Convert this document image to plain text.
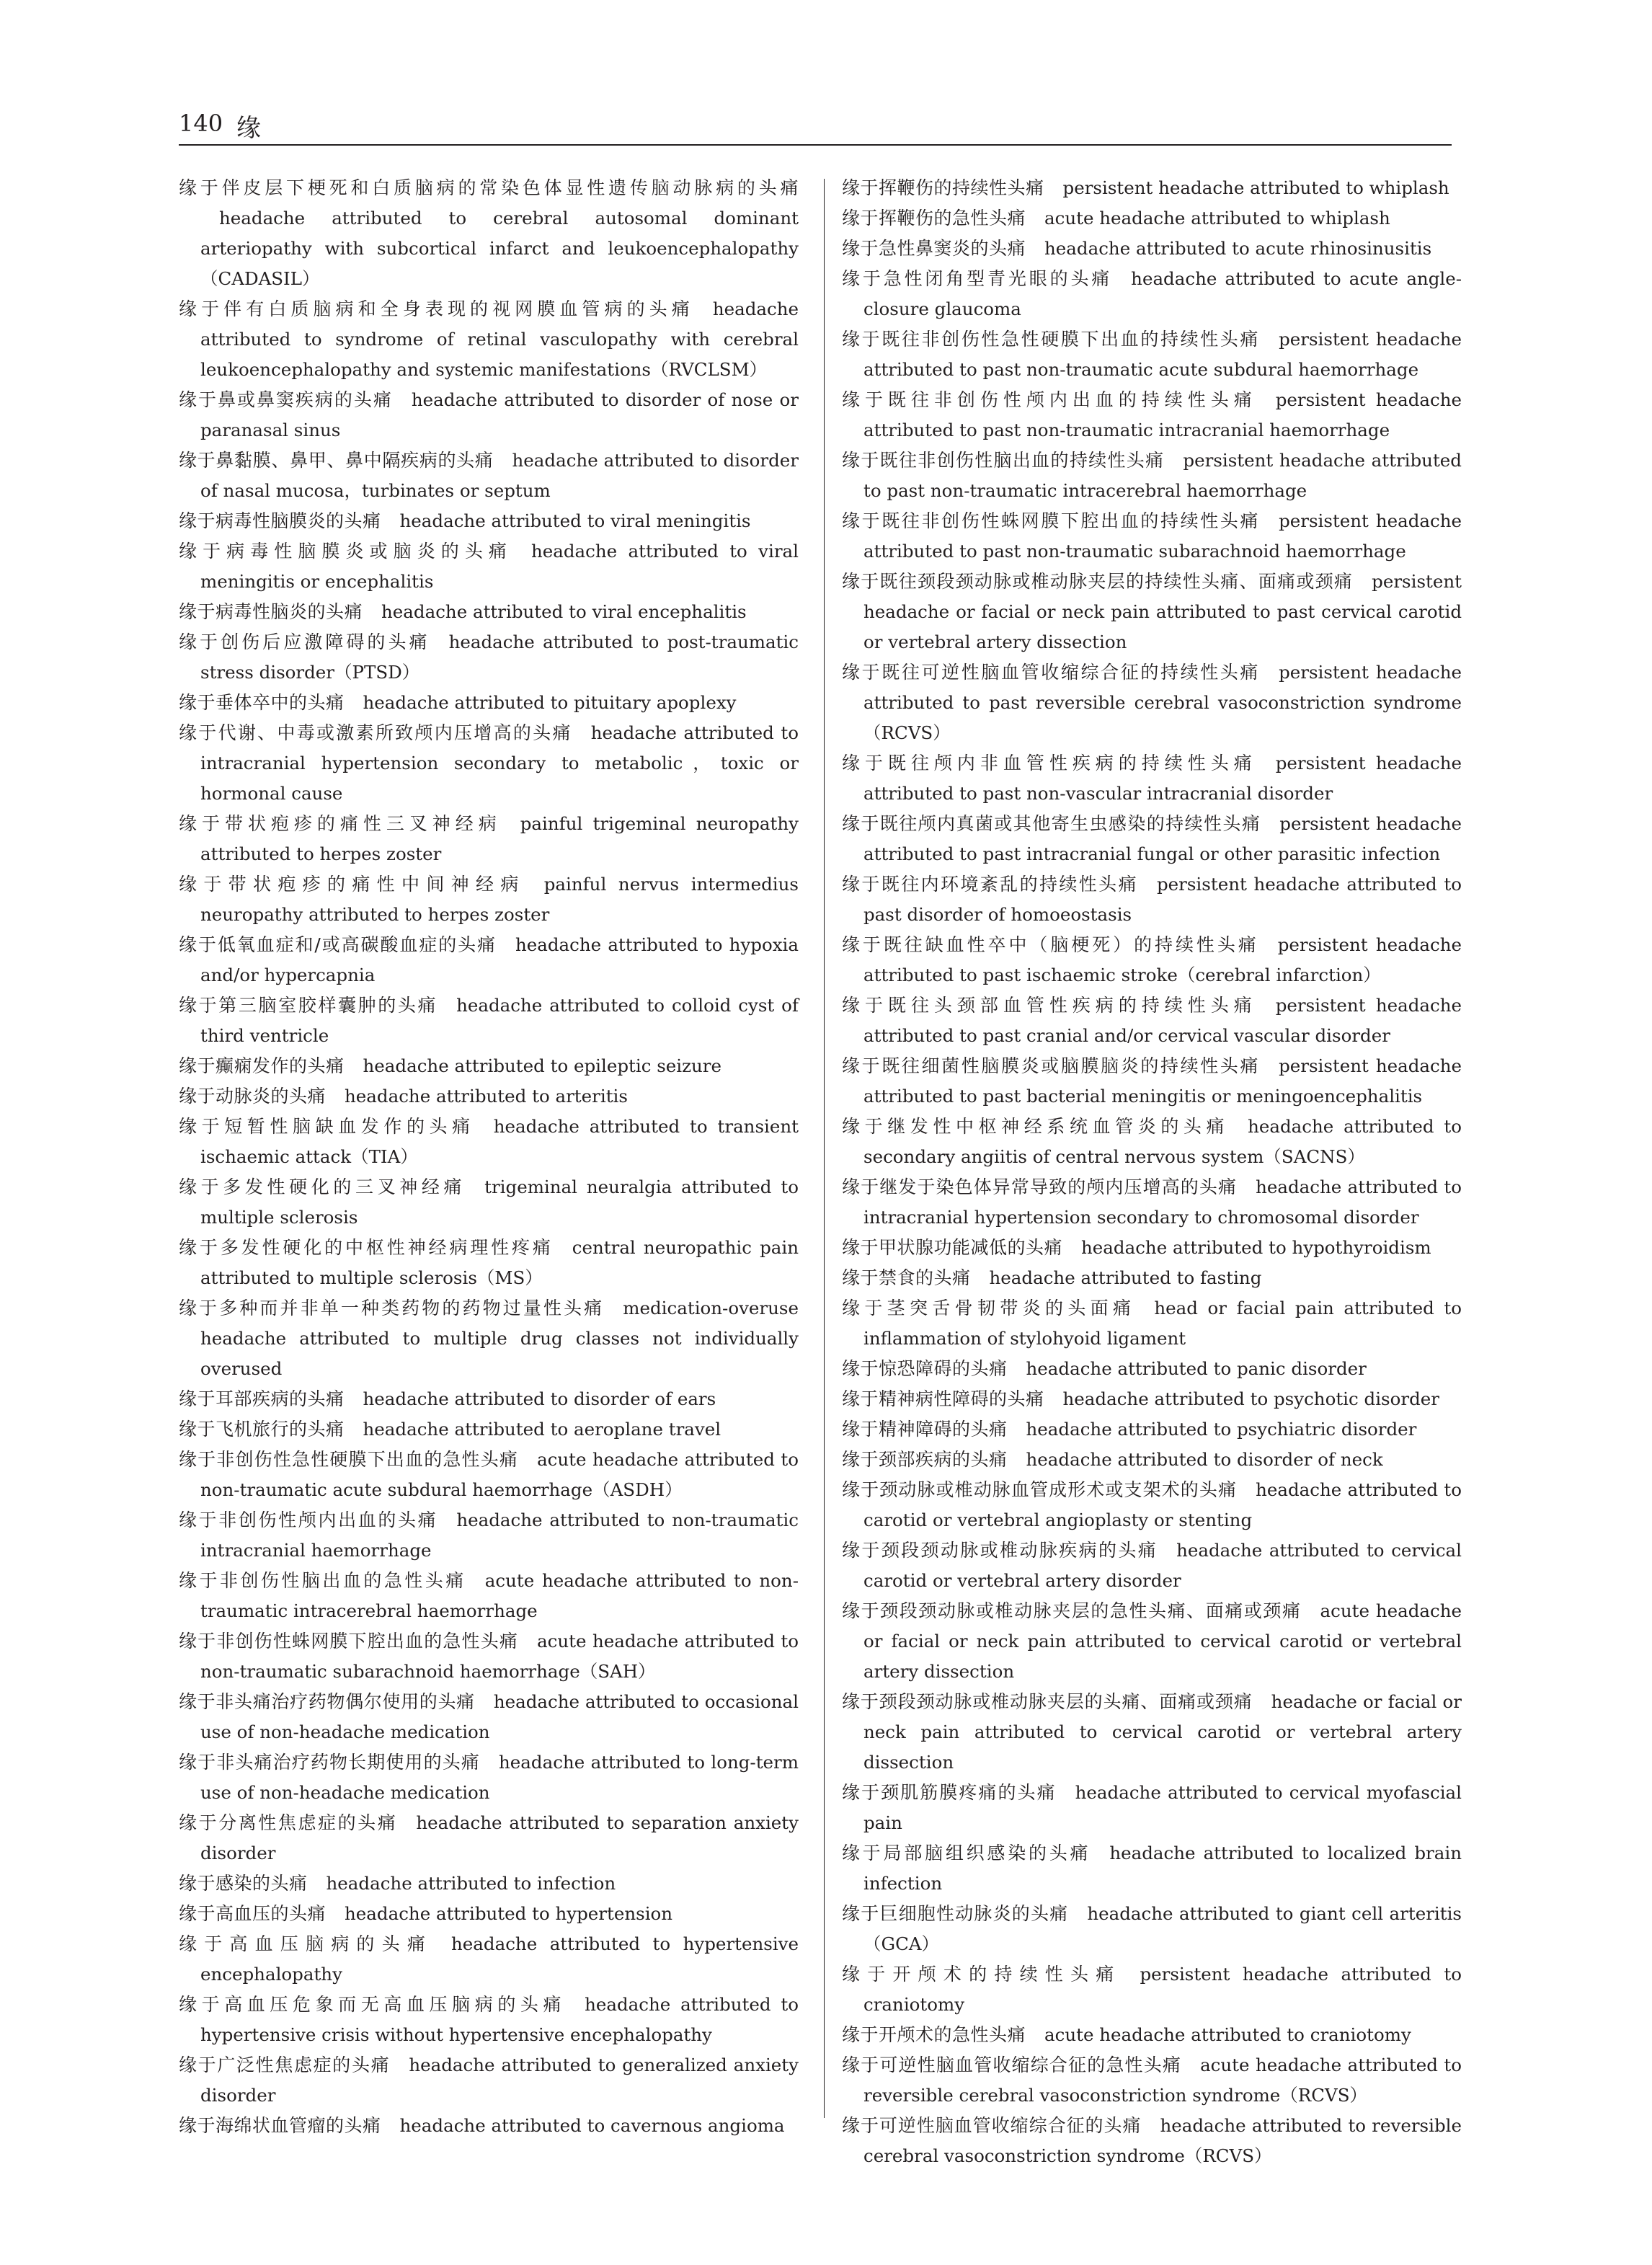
140 缘

缘于伴皮层下梗死和白质脑病的常染色体显性遗传脑动脉病的头痛headache attributed to cerebral autosomal dominant arteriopathy with subcortical infarct and leukoencephalopathy（CADASIL）

缘于伴有白质脑病和全身表现的视网膜血管病的头痛 headache attributed to syndrome of retinal vasculopathy with cerebral leukoencephalopathy and systemic manifestations（RVCLSM）

缘于鼻或鼻窦疾病的头痛 headache attributed to disorder of nose or paranasal sinus

缘于鼻黏膜、鼻甲、鼻中隔疾病的头痛 headache attributed to disorder of nasal mucosa，turbinates or septum

缘于病毒性脑膜炎的头痛 headache attributed to viral meningitis

缘于病毒性脑膜炎或脑炎的头痛 headache attributed to viral meningitis or encephalitis

缘于病毒性脑炎的头痛 headache attributed to viral encephalitis

缘于创伤后应激障碍的头痛 headache attributed to post-traumatic stress disorder（PTSD）

缘于垂体卒中的头痛 headache attributed to pituitary apoplexy

缘于代谢、中毒或激素所致颅内压增高的头痛 headache attributed to intracranial hypertension secondary to metabolic，toxic or hormonal cause

缘于带状疱疹的痛性三叉神经病 painful trigeminal neuropathy attributed to herpes zoster

缘于带状疱疹的痛性中间神经病 painful nervus intermedius neuropathy attributed to herpes zoster

缘于低氧血症和/或高碳酸血症的头痛 headache attributed to hypoxia and/or hypercapnia

缘于第三脑室胶样囊肿的头痛 headache attributed to colloid cyst of third ventricle

缘于癫痫发作的头痛 headache attributed to epileptic seizure

缘于动脉炎的头痛 headache attributed to arteritis

缘于短暂性脑缺血发作的头痛 headache attributed to transient ischaemic attack（TIA）

缘于多发性硬化的三叉神经痛 trigeminal neuralgia attributed to multiple sclerosis

缘于多发性硬化的中枢性神经病理性疼痛 central neuropathic pain attributed to multiple sclerosis（MS）

缘于多种而并非单一种类药物的药物过量性头痛 medication-overuse headache attributed to multiple drug classes not individually overused

缘于耳部疾病的头痛 headache attributed to disorder of ears

缘于飞机旅行的头痛 headache attributed to aeroplane travel

缘于非创伤性急性硬膜下出血的急性头痛 acute headache attributed to non-traumatic acute subdural haemorrhage（ASDH）

缘于非创伤性颅内出血的头痛 headache attributed to non-traumatic intracranial haemorrhage

缘于非创伤性脑出血的急性头痛 acute headache attributed to non-traumatic intracerebral haemorrhage

缘于非创伤性蛛网膜下腔出血的急性头痛 acute headache attributed to non-traumatic subarachnoid haemorrhage（SAH）

缘于非头痛治疗药物偶尔使用的头痛 headache attributed to occasional use of non-headache medication

缘于非头痛治疗药物长期使用的头痛 headache attributed to long-term use of non-headache medication

缘于分离性焦虑症的头痛 headache attributed to separation anxiety disorder

缘于感染的头痛 headache attributed to infection

缘于高血压的头痛 headache attributed to hypertension

缘于高血压脑病的头痛 headache attributed to hypertensive encephalopathy

缘于高血压危象而无高血压脑病的头痛 headache attributed to hypertensive crisis without hypertensive encephalopathy

缘于广泛性焦虑症的头痛 headache attributed to generalized anxiety disorder

缘于海绵状血管瘤的头痛 headache attributed to cavernous angioma

缘于挥鞭伤的持续性头痛 persistent headache attributed to whiplash

缘于挥鞭伤的急性头痛 acute headache attributed to whiplash

缘于急性鼻窦炎的头痛 headache attributed to acute rhinosinusitis

缘于急性闭角型青光眼的头痛 headache attributed to acute angle-closure glaucoma

缘于既往非创伤性急性硬膜下出血的持续性头痛 persistent headache attributed to past non-traumatic acute subdural haemorrhage

缘于既往非创伤性颅内出血的持续性头痛 persistent headache attributed to past non-traumatic intracranial haemorrhage

缘于既往非创伤性脑出血的持续性头痛 persistent headache attributed to past non-traumatic intracerebral haemorrhage

缘于既往非创伤性蛛网膜下腔出血的持续性头痛 persistent headache attributed to past non-traumatic subarachnoid haemorrhage

缘于既往颈段颈动脉或椎动脉夹层的持续性头痛、面痛或颈痛 persistent headache or facial or neck pain attributed to past cervical carotid or vertebral artery dissection

缘于既往可逆性脑血管收缩综合征的持续性头痛 persistent headache attributed to past reversible cerebral vasoconstriction syndrome（RCVS）

缘于既往颅内非血管性疾病的持续性头痛 persistent headache attributed to past non-vascular intracranial disorder

缘于既往颅内真菌或其他寄生虫感染的持续性头痛 persistent headache attributed to past intracranial fungal or other parasitic infection

缘于既往内环境紊乱的持续性头痛 persistent headache attributed to past disorder of homoeostasis

缘于既往缺血性卒中（脑梗死）的持续性头痛 persistent headache attributed to past ischaemic stroke（cerebral infarction）

缘于既往头颈部血管性疾病的持续性头痛 persistent headache attributed to past cranial and/or cervical vascular disorder

缘于既往细菌性脑膜炎或脑膜脑炎的持续性头痛 persistent headache attributed to past bacterial meningitis or meningoencephalitis

缘于继发性中枢神经系统血管炎的头痛 headache attributed to secondary angiitis of central nervous system（SACNS）

缘于继发于染色体异常导致的颅内压增高的头痛 headache attributed to intracranial hypertension secondary to chromosomal disorder

缘于甲状腺功能减低的头痛 headache attributed to hypothyroidism

缘于禁食的头痛 headache attributed to fasting

缘于茎突舌骨韧带炎的头面痛 head or facial pain attributed to inflammation of stylohyoid ligament

缘于惊恐障碍的头痛 headache attributed to panic disorder

缘于精神病性障碍的头痛 headache attributed to psychotic disorder

缘于精神障碍的头痛 headache attributed to psychiatric disorder

缘于颈部疾病的头痛 headache attributed to disorder of neck

缘于颈动脉或椎动脉血管成形术或支架术的头痛 headache attributed to carotid or vertebral angioplasty or stenting

缘于颈段颈动脉或椎动脉疾病的头痛 headache attributed to cervical carotid or vertebral artery disorder

缘于颈段颈动脉或椎动脉夹层的急性头痛、面痛或颈痛 acute headache or facial or neck pain attributed to cervical carotid or vertebral artery dissection

缘于颈段颈动脉或椎动脉夹层的头痛、面痛或颈痛 headache or facial or neck pain attributed to cervical carotid or vertebral artery dissection

缘于颈肌筋膜疼痛的头痛 headache attributed to cervical myofascial pain

缘于局部脑组织感染的头痛 headache attributed to localized brain infection

缘于巨细胞性动脉炎的头痛 headache attributed to giant cell arteritis（GCA）

缘于开颅术的持续性头痛 persistent headache attributed to craniotomy

缘于开颅术的急性头痛 acute headache attributed to craniotomy

缘于可逆性脑血管收缩综合征的急性头痛 acute headache attributed to reversible cerebral vasoconstriction syndrome（RCVS）

缘于可逆性脑血管收缩综合征的头痛 headache attributed to reversible cerebral vasoconstriction syndrome（RCVS）
